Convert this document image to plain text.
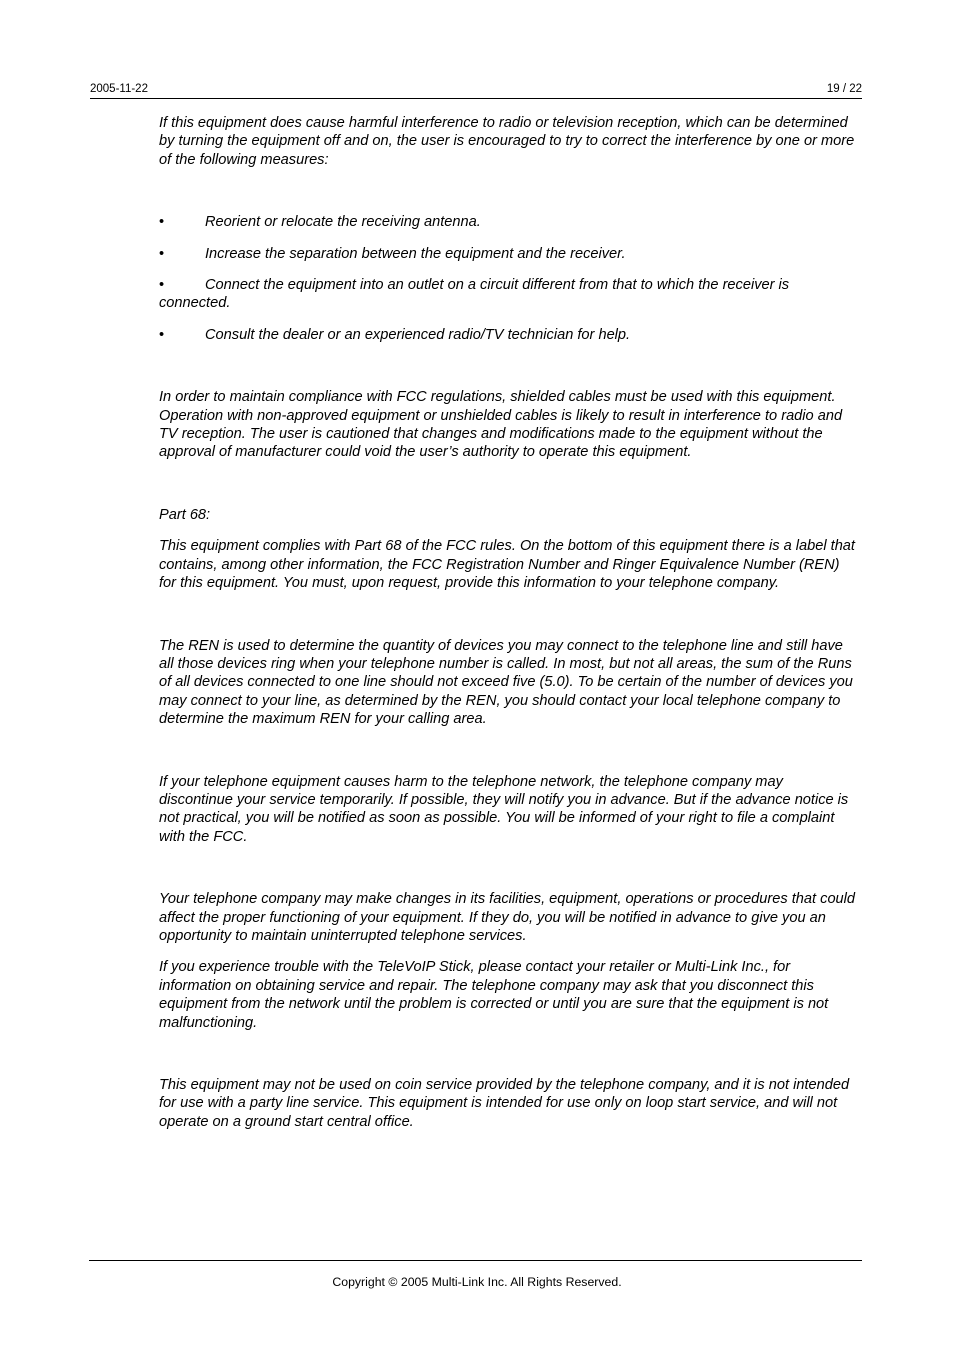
2005-11-22	19 / 22

If this equipment does cause harmful interference to radio or television reception, which can be determined by turning the equipment off and on, the user is encouraged to try to correct the interference by one or more of the following measures:

•	Reorient or relocate the receiving antenna.

•	Increase the separation between the equipment and the receiver.

•	Connect the equipment into an outlet on a circuit different from that to which the receiver is connected.

•	Consult the dealer or an experienced radio/TV technician for help.

In order to maintain compliance with FCC regulations, shielded cables must be used with this equipment. Operation with non-approved equipment or unshielded cables is likely to result in interference to radio and TV reception. The user is cautioned that changes and modifications made to the equipment without the approval of manufacturer could void the user’s authority to operate this equipment.

Part 68:

This equipment complies with Part 68 of the FCC rules. On the bottom of this equipment there is a label that contains, among other information, the FCC Registration Number and Ringer Equivalence Number (REN) for this equipment. You must, upon request, provide this information to your telephone company.

The REN is used to determine the quantity of devices you may connect to the telephone line and still have all those devices ring when your telephone number is called. In most, but not all areas, the sum of the Runs of all devices connected to one line should not exceed five (5.0). To be certain of the number of devices you may connect to your line, as determined by the REN, you should contact your local telephone company to determine the maximum REN for your calling area.

If your telephone equipment causes harm to the telephone network, the telephone company may discontinue your service temporarily. If possible, they will notify you in advance. But if the advance notice is not practical, you will be notified as soon as possible. You will be informed of your right to file a complaint with the FCC.

Your telephone company may make changes in its facilities, equipment, operations or procedures that could affect the proper functioning of your equipment. If they do, you will be notified in advance to give you an opportunity to maintain uninterrupted telephone services.

If you experience trouble with the TeleVoIP Stick, please contact your retailer or Multi-Link Inc., for information on obtaining service and repair. The telephone company may ask that you disconnect this equipment from the network until the problem is corrected or until you are sure that the equipment is not malfunctioning.

This equipment may not be used on coin service provided by the telephone company, and it is not intended for use with a party line service. This equipment is intended for use only on loop start service, and will not operate on a ground start central office.

Copyright © 2005 Multi-Link Inc. All Rights Reserved.
